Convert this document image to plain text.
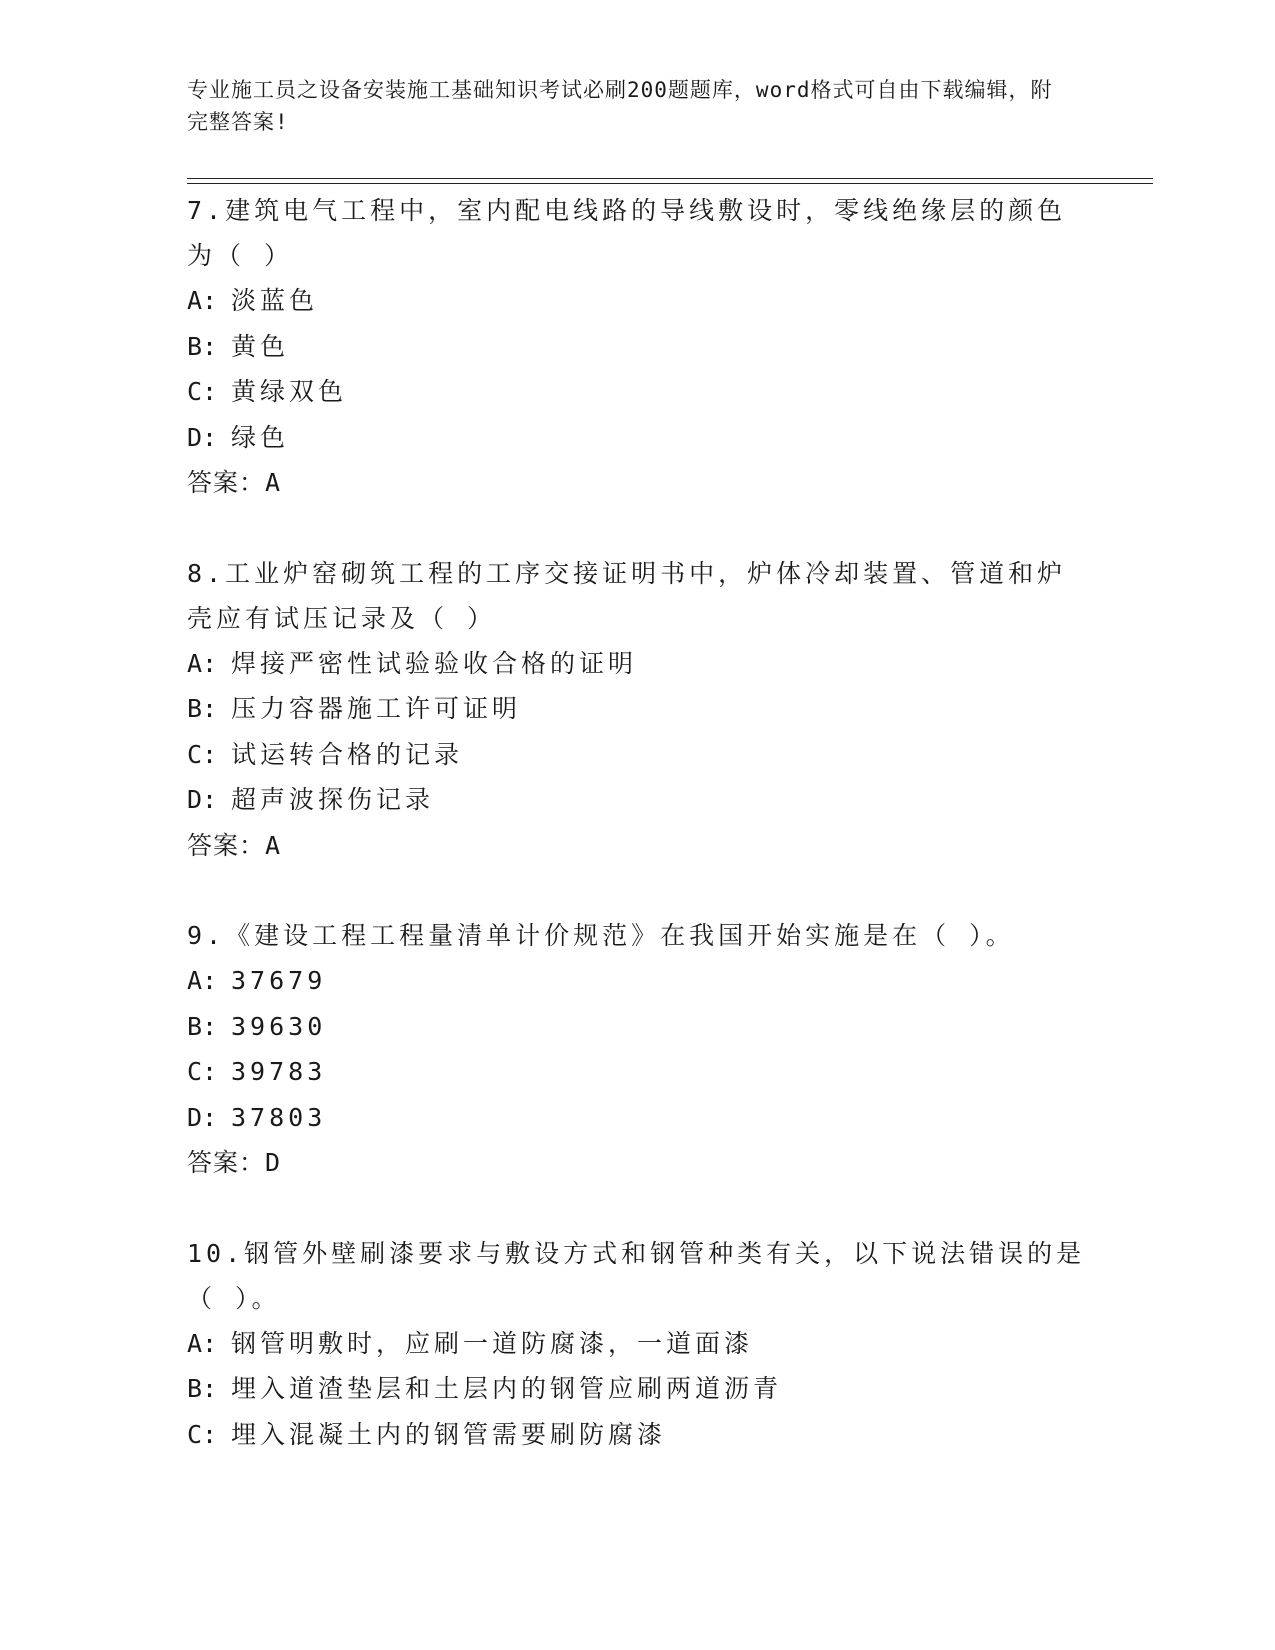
专业施工员之设备安装施工基础知识考试必刷200题题库，word格式可自由下载编辑，附完整答案!

7.建筑电气工程中，室内配电线路的导线敷设时，零线绝缘层的颜色为（ ）

A: 淡蓝色

B: 黄色

C: 黄绿双色

D: 绿色

答案：A

8.工业炉窑砌筑工程的工序交接证明书中，炉体冷却装置、管道和炉壳应有试压记录及（ ）

A: 焊接严密性试验验收合格的证明

B: 压力容器施工许可证明

C: 试运转合格的记录

D: 超声波探伤记录

答案：A

9.《建设工程工程量清单计价规范》在我国开始实施是在（ ）。

A: 37679

B: 39630

C: 39783

D: 37803

答案：D

10.钢管外壁刷漆要求与敷设方式和钢管种类有关，以下说法错误的是（ ）。

A: 钢管明敷时，应刷一道防腐漆，一道面漆

B: 埋入道渣垫层和土层内的钢管应刷两道沥青

C: 埋入混凝土内的钢管需要刷防腐漆
